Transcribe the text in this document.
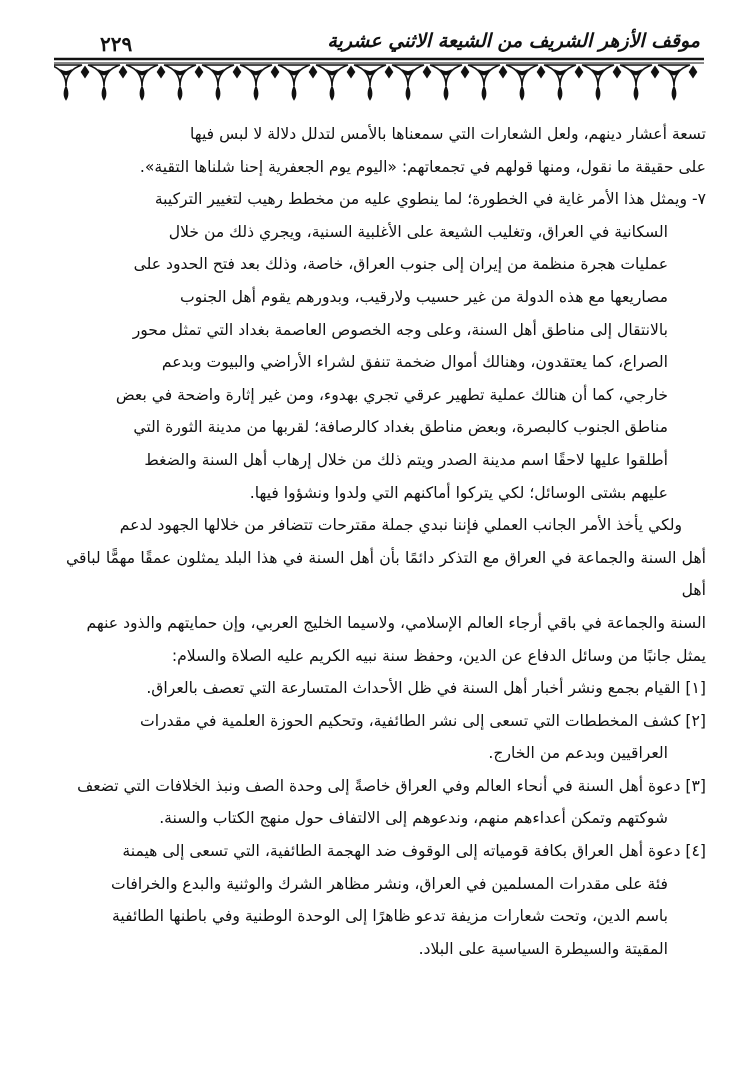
موقف الأزهر الشريف من الشيعة الاثني عشرية
٢٢٩

تسعة أعشار دينهم، ولعل الشعارات التي سمعناها بالأمس لتدلل دلالة لا لبس فيها

على حقيقة ما نقول، ومنها قولهم في تجمعاتهم: «اليوم يوم الجعفرية إحنا شلناها التقية».

٧- ويمثل هذا الأمر غاية في الخطورة؛ لما ينطوي عليه من مخطط رهيب لتغيير التركيبة

السكانية في العراق، وتغليب الشيعة على الأغلبية السنية، ويجري ذلك من خلال

عمليات هجرة منظمة من إيران إلى جنوب العراق، خاصة، وذلك بعد فتح الحدود على

مصاريعها مع هذه الدولة من غير حسيب ولارقيب، وبدورهم يقوم أهل الجنوب

بالانتقال إلى مناطق أهل السنة، وعلى وجه الخصوص العاصمة بغداد التي تمثل محور

الصراع، كما يعتقدون، وهنالك أموال ضخمة تنفق لشراء الأراضي والبيوت وبدعم

خارجي، كما أن هنالك عملية تطهير عرقي تجري بهدوء، ومن غير إثارة واضحة في بعض

مناطق الجنوب كالبصرة، وبعض مناطق بغداد كالرصافة؛ لقربها من مدينة الثورة التي

أطلقوا عليها لاحقًا اسم مدينة الصدر ويتم ذلك من خلال إرهاب أهل السنة والضغط

عليهم بشتى الوسائل؛ لكي يتركوا أماكنهم التي ولدوا ونشؤوا فيها.

ولكي يأخذ الأمر الجانب العملي فإننا نبدي جملة مقترحات تتضافر من خلالها الجهود لدعم

أهل السنة والجماعة في العراق مع التذكر دائمًا بأن أهل السنة في هذا البلد يمثلون عمقًا مهمًّا لباقي أهل

السنة والجماعة في باقي أرجاء العالم الإسلامي، ولاسيما الخليج العربي، وإن حمايتهم والذود عنهم

يمثل جانبًا من وسائل الدفاع عن الدين، وحفظ سنة نبيه الكريم عليه الصلاة والسلام:

[١] القيام بجمع ونشر أخبار أهل السنة في ظل الأحداث المتسارعة التي تعصف بالعراق.

[٢] كشف المخططات التي تسعى إلى نشر الطائفية، وتحكيم الحوزة العلمية في مقدرات

العراقيين وبدعم من الخارج.

[٣] دعوة أهل السنة في أنحاء العالم وفي العراق خاصةً إلى وحدة الصف ونبذ الخلافات التي تضعف

شوكتهم وتمكن أعداءهم منهم، وندعوهم إلى الالتفاف حول منهج الكتاب والسنة.

[٤] دعوة أهل العراق بكافة قومياته إلى الوقوف ضد الهجمة الطائفية، التي تسعى إلى هيمنة

فئة على مقدرات المسلمين في العراق، ونشر مظاهر الشرك والوثنية والبدع والخرافات

باسم الدين، وتحت شعارات مزيفة تدعو ظاهرًا إلى الوحدة الوطنية وفي باطنها الطائفية

المقيتة والسيطرة السياسية على البلاد.
